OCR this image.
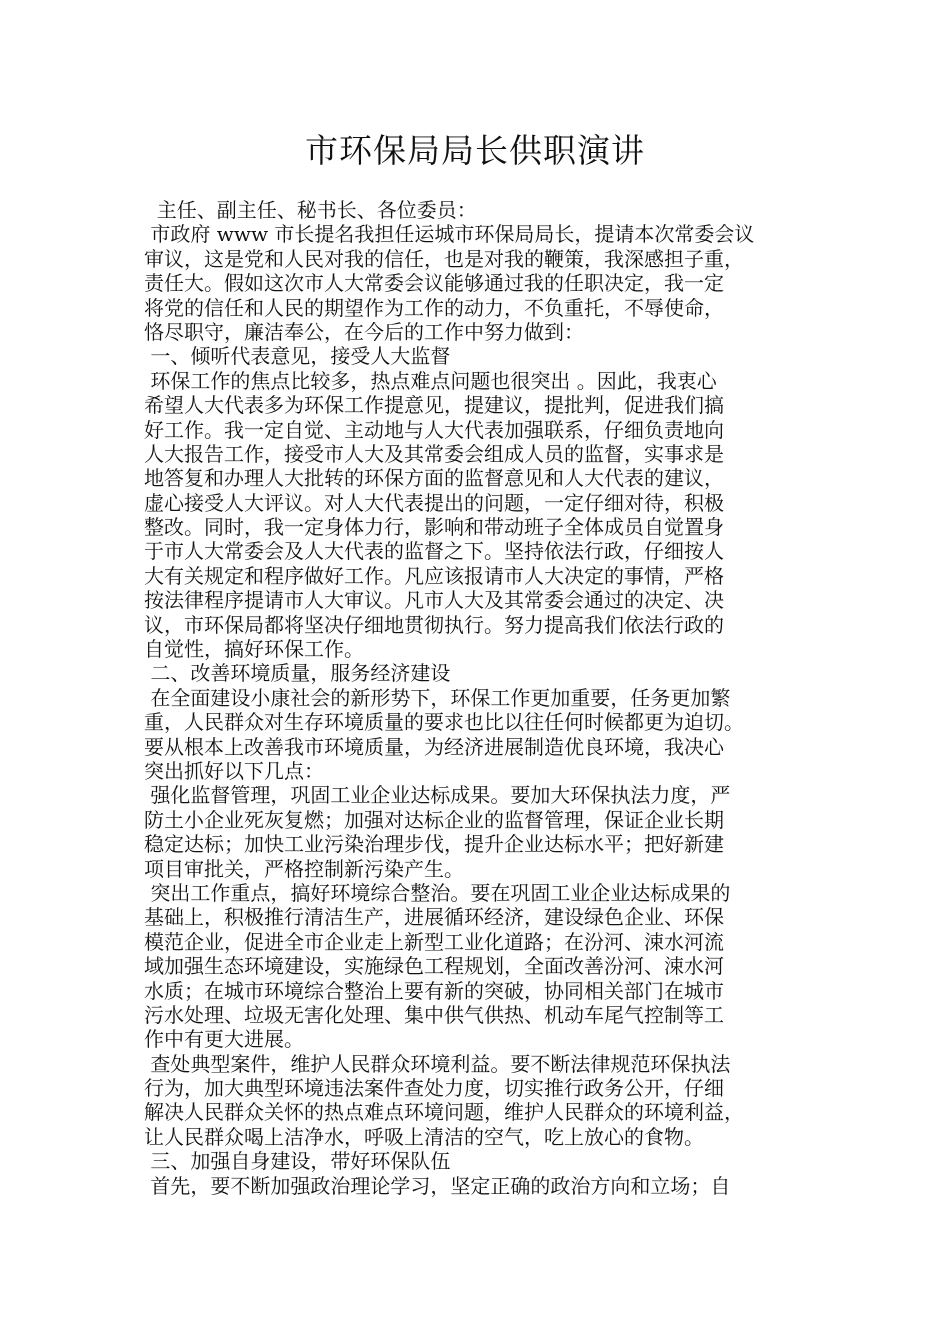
市环保局局长供职演讲
主任、副主任、秘书长、各位委员：
市政府 www 市长提名我担任运城市环保局局长，提请本次常委会议
审议，这是党和人民对我的信任，也是对我的鞭策，我深感担子重，
责任大。假如这次市人大常委会议能够通过我的任职决定，我一定
将党的信任和人民的期望作为工作的动力，不负重托，不辱使命，
恪尽职守，廉洁奉公，在今后的工作中努力做到：
一、倾听代表意见，接受人大监督
环保工作的焦点比较多，热点难点问题也很突出 。因此，我衷心
希望人大代表多为环保工作提意见，提建议，提批判，促进我们搞
好工作。我一定自觉、主动地与人大代表加强联系，仔细负责地向
人大报告工作，接受市人大及其常委会组成人员的监督，实事求是
地答复和办理人大批转的环保方面的监督意见和人大代表的建议，
虚心接受人大评议。对人大代表提出的问题，一定仔细对待，积极
整改。同时，我一定身体力行，影响和带动班子全体成员自觉置身
于市人大常委会及人大代表的监督之下。坚持依法行政，仔细按人
大有关规定和程序做好工作。凡应该报请市人大决定的事情，严格
按法律程序提请市人大审议。凡市人大及其常委会通过的决定、决
议，市环保局都将坚决仔细地贯彻执行。努力提高我们依法行政的
自觉性，搞好环保工作。
二、改善环境质量，服务经济建设
在全面建设小康社会的新形势下，环保工作更加重要，任务更加繁
重，人民群众对生存环境质量的要求也比以往任何时候都更为迫切。
要从根本上改善我市环境质量，为经济进展制造优良环境，我决心
突出抓好以下几点：
强化监督管理，巩固工业企业达标成果。要加大环保执法力度，严
防土小企业死灰复燃；加强对达标企业的监督管理，保证企业长期
稳定达标；加快工业污染治理步伐，提升企业达标水平；把好新建
项目审批关，严格控制新污染产生。
突出工作重点，搞好环境综合整治。要在巩固工业企业达标成果的
基础上，积极推行清洁生产，进展循环经济，建设绿色企业、环保
模范企业，促进全市企业走上新型工业化道路；在汾河、涑水河流
域加强生态环境建设，实施绿色工程规划，全面改善汾河、涑水河
水质；在城市环境综合整治上要有新的突破，协同相关部门在城市
污水处理、垃圾无害化处理、集中供气供热、机动车尾气控制等工
作中有更大进展。
查处典型案件，维护人民群众环境利益。要不断法律规范环保执法
行为，加大典型环境违法案件查处力度，切实推行政务公开，仔细
解决人民群众关怀的热点难点环境问题，维护人民群众的环境利益，
让人民群众喝上洁净水，呼吸上清洁的空气，吃上放心的食物。
三、加强自身建设，带好环保队伍
首先，要不断加强政治理论学习，坚定正确的政治方向和立场；自
